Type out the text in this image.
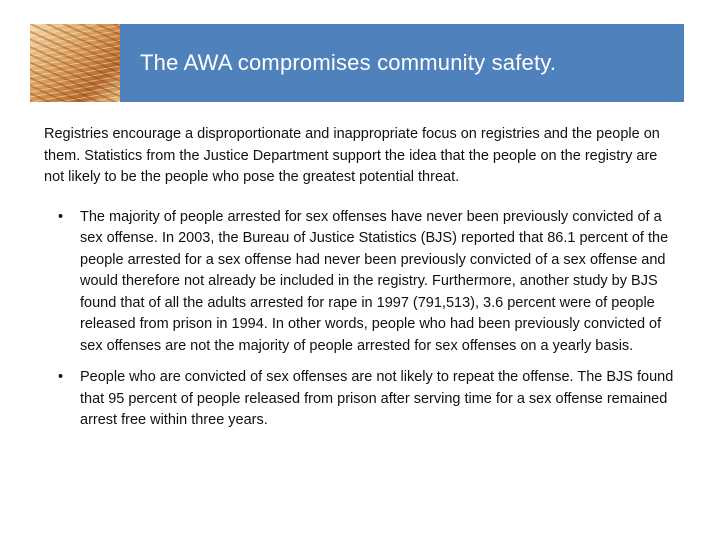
The AWA compromises community safety.

Registries encourage a disproportionate and inappropriate focus on registries and the people on them. Statistics from the Justice Department support the idea that the people on the registry are not likely to be the people who pose the greatest potential threat.

• The majority of people arrested for sex offenses have never been previously convicted of a sex offense. In 2003, the Bureau of Justice Statistics (BJS) reported that 86.1 percent of the people arrested for a sex offense had never been previously convicted of a sex offense and would therefore not already be included in the registry. Furthermore, another study by BJS found that of all the adults arrested for rape in 1997 (791,513), 3.6 percent were of people released from prison in 1994. In other words, people who had been previously convicted of sex offenses are not the majority of people arrested for sex offenses on a yearly basis.
• People who are convicted of sex offenses are not likely to repeat the offense. The BJS found that 95 percent of people released from prison after serving time for a sex offense remained arrest free within three years.
